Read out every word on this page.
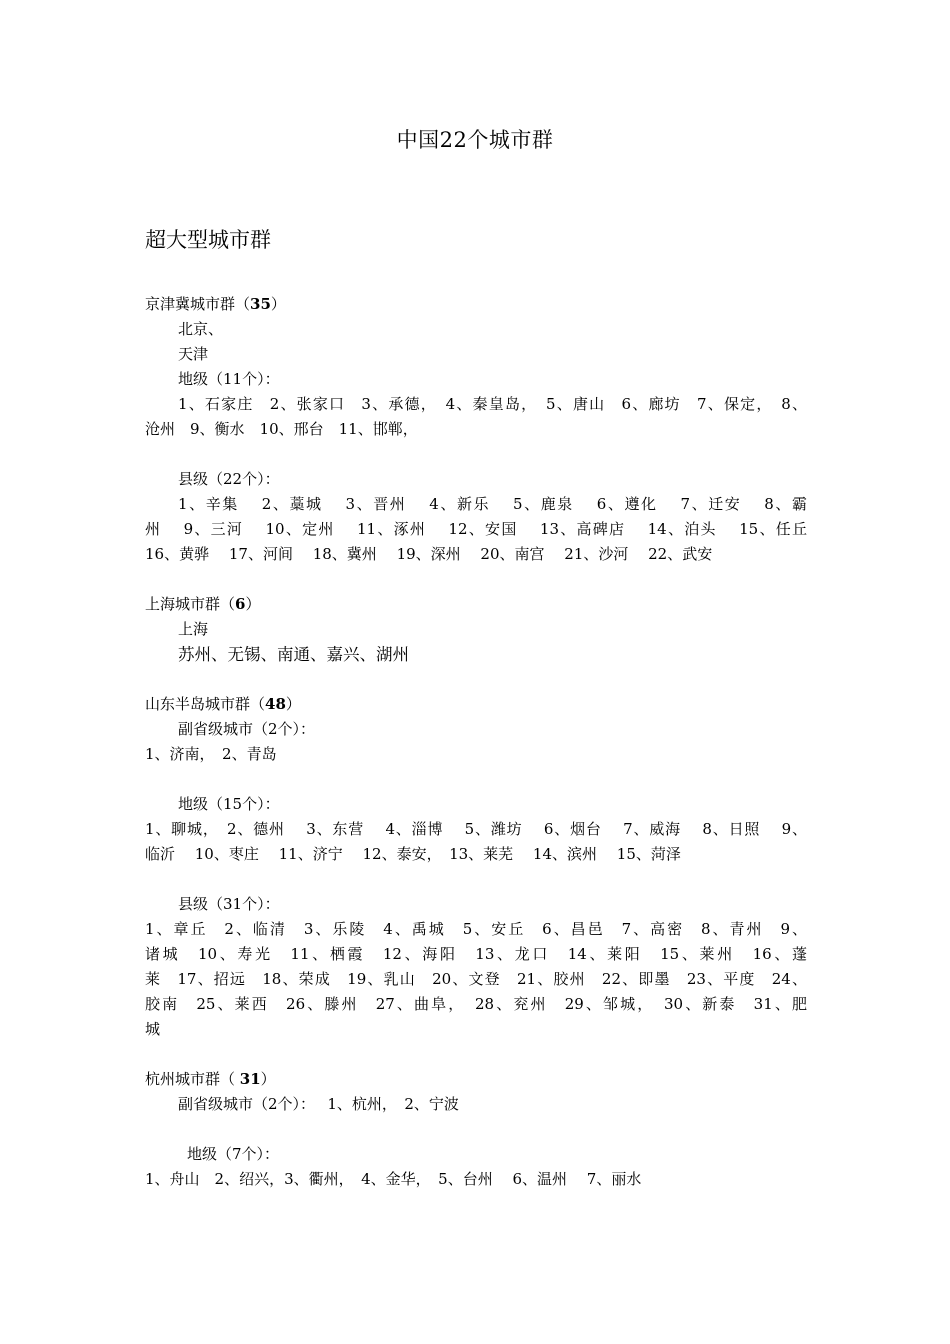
中国22个城市群
超大型城市群
京津冀城市群（35）
北京、
天津
地级（11个）：
1、石家庄　2、张家口　3、承德，　4、秦皇岛，　5、唐山　6、廊坊　7、保定，　8、
沧州　9、衡水　10、邢台　11、邯郸，
县级（22个）：
1、辛集　 2、藁城　 3、晋州　 4、新乐　 5、鹿泉　 6、遵化　 7、迁安　 8、霸
州　 9、三河　 10、定州　 11、涿州　 12、安国　 13、高碑店　 14、泊头　 15、任丘
16、黄骅　 17、河间　 18、冀州　 19、深州　 20、南宫　 21、沙河　 22、武安
上海城市群（6）
上海
苏州、无锡、南通、嘉兴、湖州
山东半岛城市群（48）
副省级城市（2个）：
1、济南，　2、青岛
地级（15个）：
1、聊城，　2、德州　 3、东营　 4、淄博　 5、潍坊　 6、烟台　 7、威海　 8、日照　 9、
临沂　 10、枣庄　 11、济宁　 12、泰安，　13、莱芜　 14、滨州　 15、菏泽
县级（31个）：
1、章丘　2、临清　3、乐陵　4、禹城　5、安丘　6、昌邑　7、高密　8、青州　9、
诸城　10、寿光　11、栖霞　12、海阳　13、龙口　14、莱阳　15、莱州　16、蓬
莱　17、招远　18、荣成　19、乳山　20、文登　21、胶州　22、即墨　23、平度　24、
胶南　25、莱西　26、滕州　27、曲阜，　28、兖州　29、邹城，　30、新泰　31、肥
城
杭州城市群（ 31）
副省级城市（2个）：　 1、杭州，　2、宁波
地级（7个）：
1、舟山　2、绍兴，3、衢州，　4、金华，　5、台州　 6、温州　 7、丽水
